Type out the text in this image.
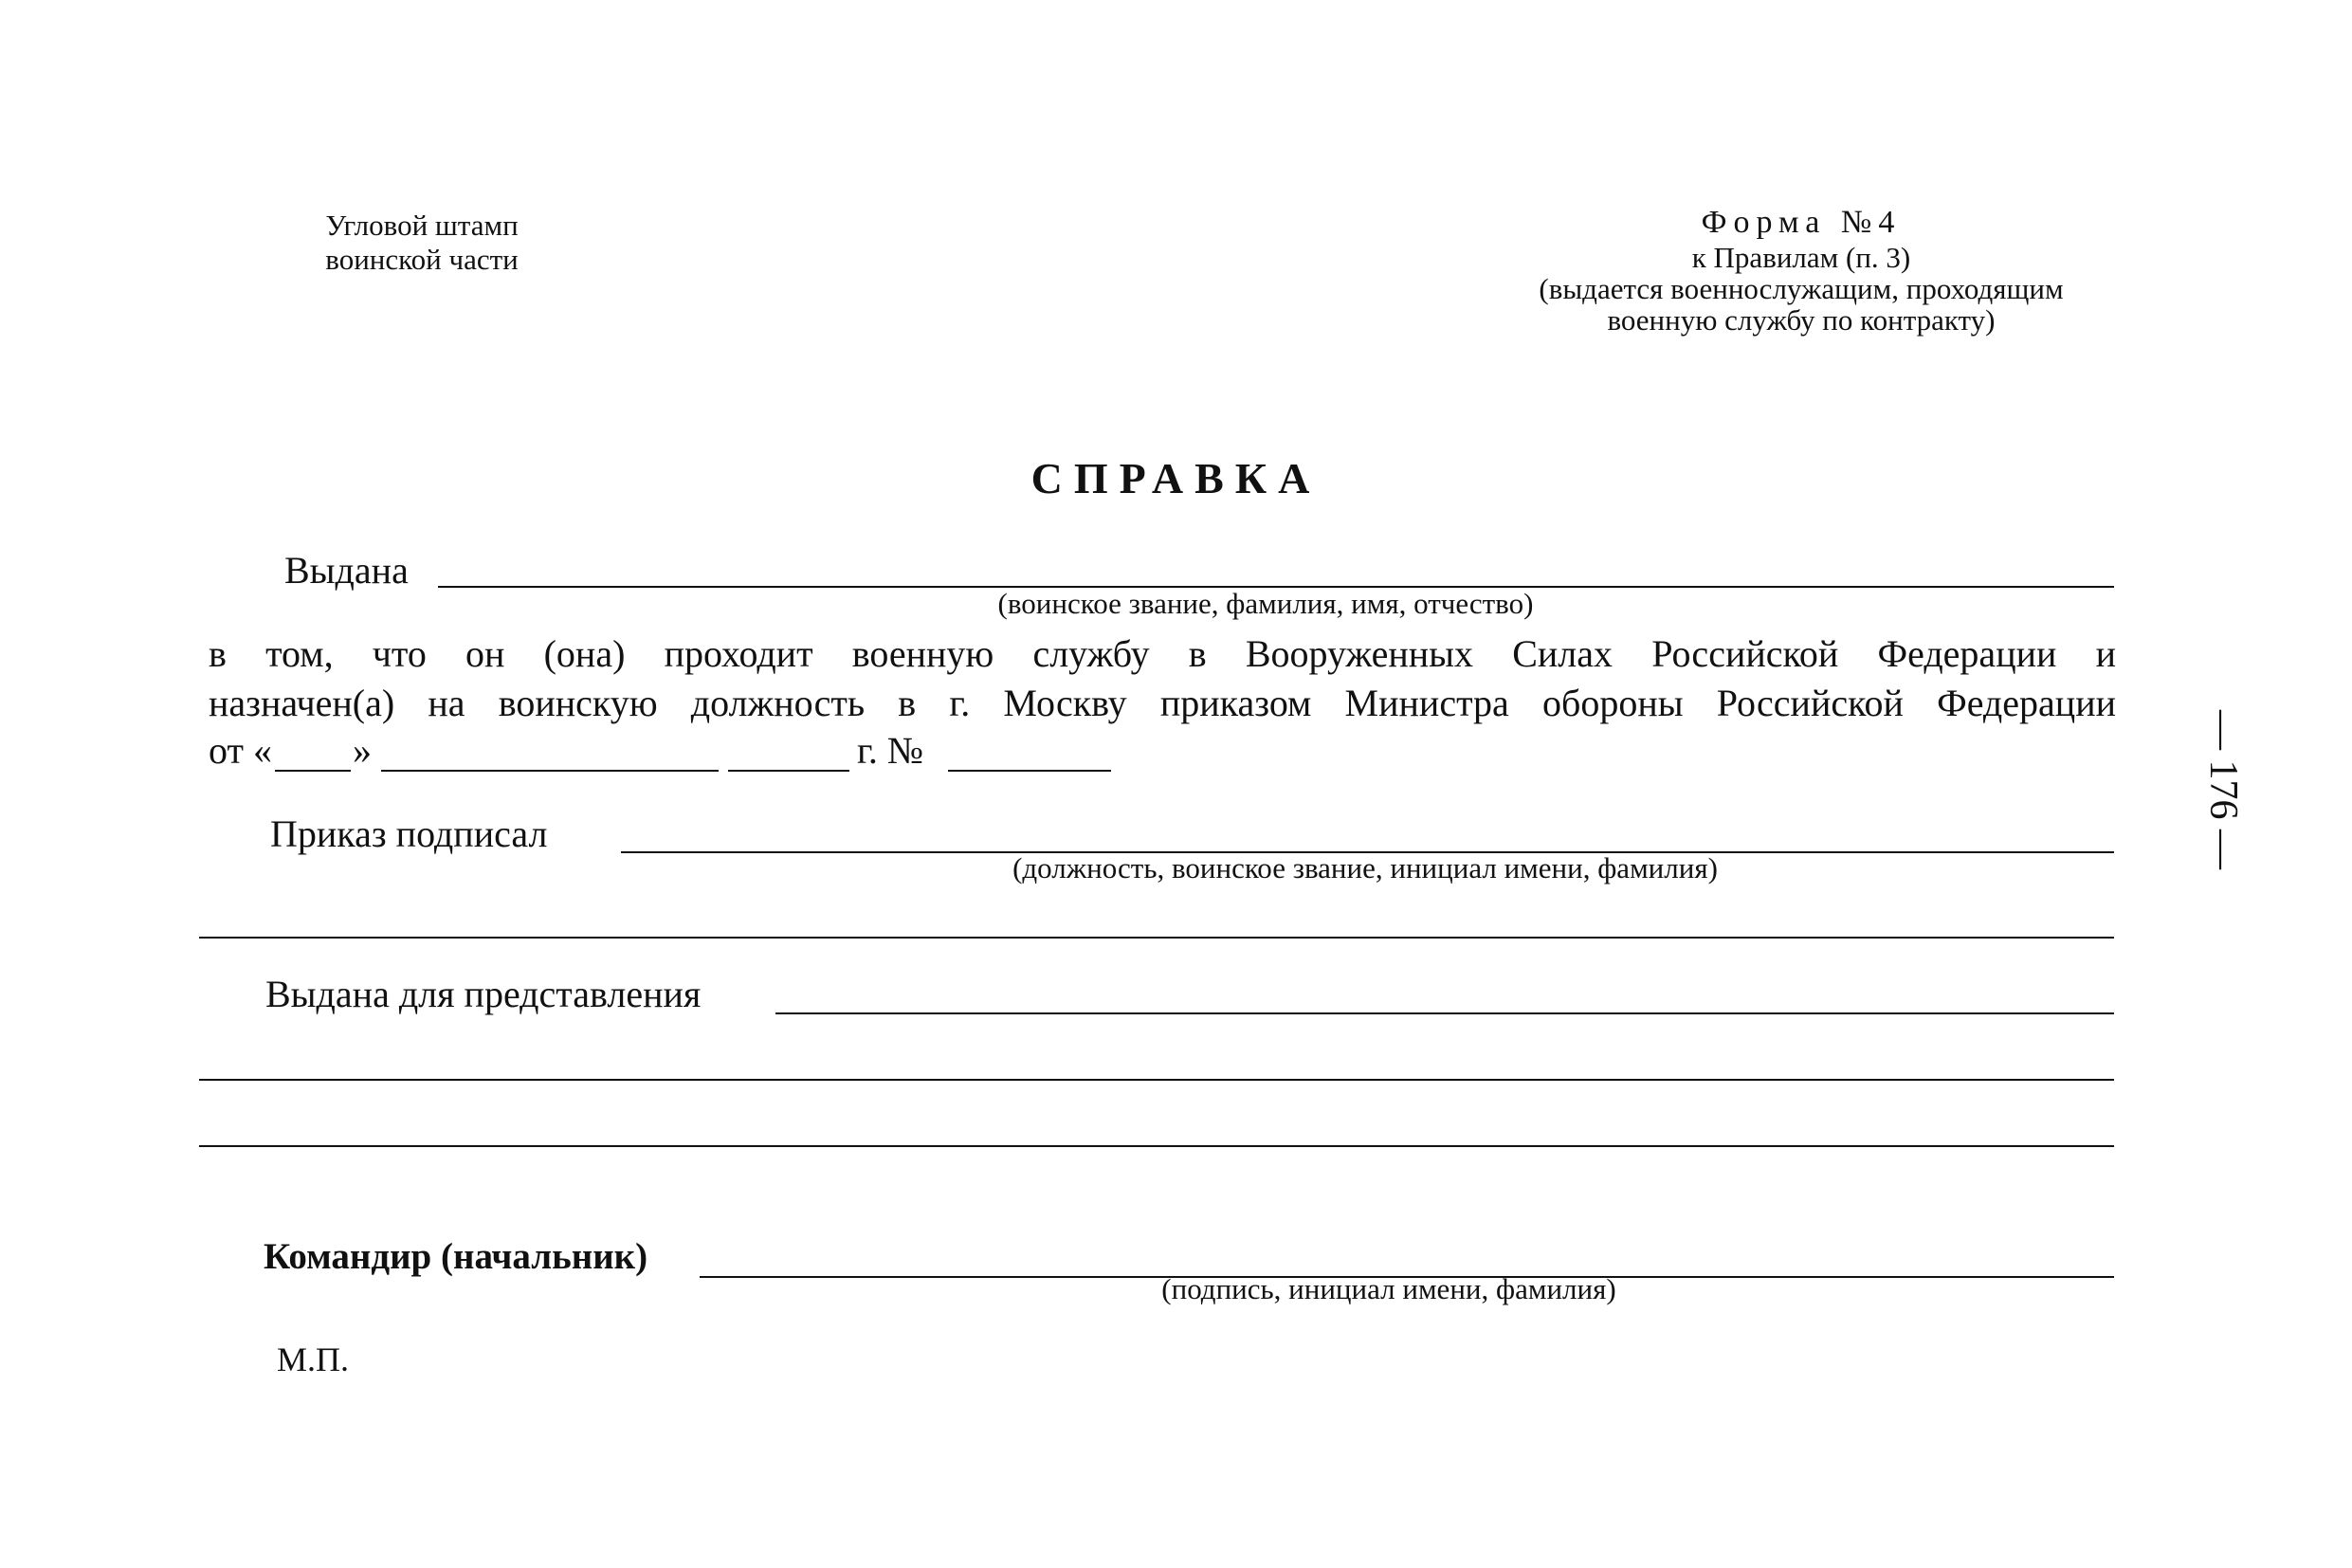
Угловой штамп
воинской части
Форма №4
к Правилам (п. 3)
(выдается военнослужащим, проходящим
военную службу по контракту)
СПРАВКА
Выдана
(воинское звание, фамилия, имя, отчество)
в том, что он (она) проходит военную службу в Вооруженных Силах Российской Федерации и
назначен(а) на воинскую должность в г. Москву приказом Министра обороны Российской Федерации
от « »	г. №
Приказ подписал
(должность, воинское звание, инициал имени, фамилия)
Выдана для представления
Командир (начальник)
(подпись, инициал имени, фамилия)
М.П.
— 176 —
